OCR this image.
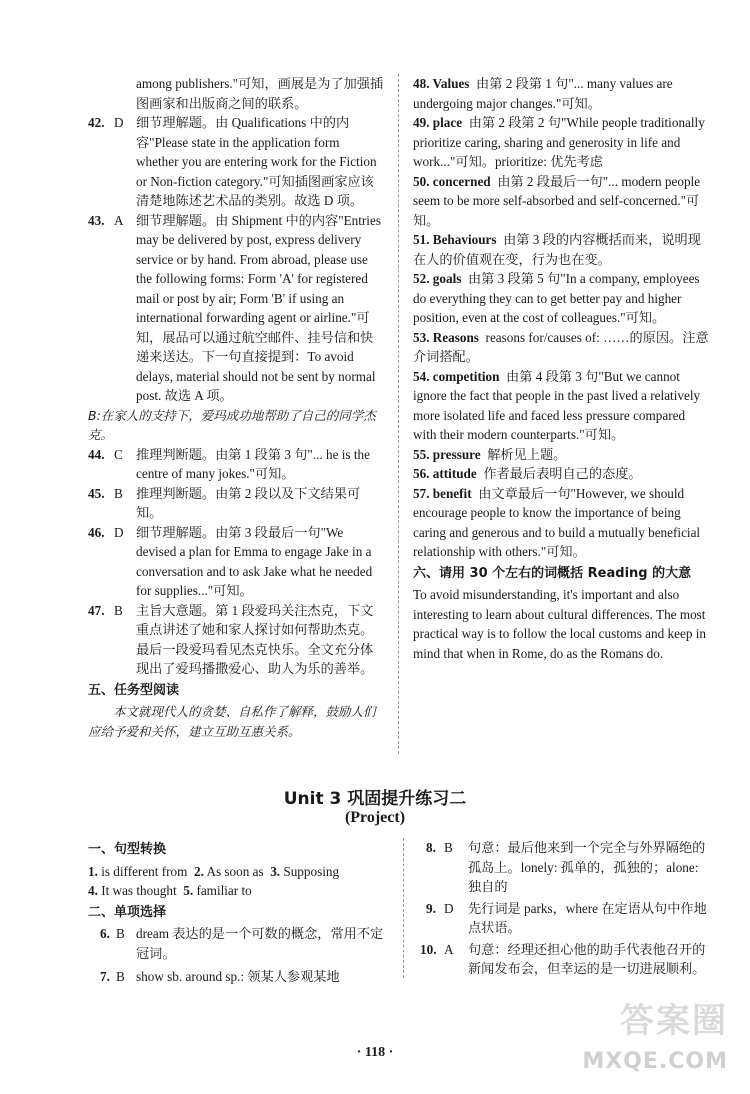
among publishers."可知，画展是为了加强插图画家和出版商之间的联系。

42. D 细节理解题。由 Qualifications 中的内容"Please state in the application form whether you are entering work for the Fiction or Non-fiction category."可知插图画家应该清楚地陈述艺术品的类别。故选 D 项。
43. A 细节理解题。由 Shipment 中的内容"Entries may be delivered by post, express delivery service or by hand. From abroad, please use the following forms: Form 'A' for registered mail or post by air; Form 'B' if using an international forwarding agent or airline."可知，展品可以通过航空邮件、挂号信和快递来送达。下一句直接提到：To avoid delays, material should not be sent by normal post. 故选 A 项。

B:在家人的支持下，爱玛成功地帮助了自己的同学杰克。

44. C 推理判断题。由第 1 段第 3 句"... he is the centre of many jokes."可知。
45. B 推理判断题。由第 2 段以及下文结果可知。
46. D 细节理解题。由第 3 段最后一句"We devised a plan for Emma to engage Jake in a conversation and to ask Jake what he needed for supplies..."可知。
47. B 主旨大意题。第 1 段爱玛关注杰克，下文重点讲述了她和家人探讨如何帮助杰克。最后一段爱玛看见杰克快乐。全文充分体现出了爱玛播撒爱心、助人为乐的善举。

五、任务型阅读

本文就现代人的贪婪、自私作了解释，鼓励人们应给予爱和关怀，建立互助互惠关系。

48. Values 由第 2 段第 1 句"... many values are undergoing major changes."可知。
49. place 由第 2 段第 2 句"While people traditionally prioritize caring, sharing and generosity in life and work..."可知。prioritize: 优先考虑
50. concerned 由第 2 段最后一句"... modern people seem to be more self-absorbed and self-concerned."可知。
51. Behaviours 由第 3 段的内容概括而来，说明现在人的价值观在变，行为也在变。
52. goals 由第 3 段第 5 句"In a company, employees do everything they can to get better pay and higher position, even at the cost of colleagues."可知。
53. Reasons reasons for/causes of: ……的原因。注意介词搭配。
54. competition 由第 4 段第 3 句"But we cannot ignore the fact that people in the past lived a relatively more isolated life and faced less pressure compared with their modern counterparts."可知。
55. pressure 解析见上题。
56. attitude 作者最后表明自己的态度。
57. benefit 由文章最后一句"However, we should encourage people to know the importance of being caring and generous and to build a mutually beneficial relationship with others."可知。

六、请用 30 个左右的词概括 Reading 的大意

To avoid misunderstanding, it's important and also interesting to learn about cultural differences. The most practical way is to follow the local customs and keep in mind that when in Rome, do as the Romans do.

Unit 3 巩固提升练习二
(Project)

一、句型转换

1. is different from 2. As soon as 3. Supposing

4. It was thought 5. familiar to

二、单项选择

6. B dream 表达的是一个可数的概念，常用不定冠词。
7. B show sb. around sp.: 领某人参观某地
8. B 句意：最后他来到一个完全与外界隔绝的孤岛上。lonely: 孤单的，孤独的；alone: 独自的
9. D 先行词是 parks，where 在定语从句中作地点状语。
10. A 句意：经理还担心他的助手代表他召开的新闻发布会，但幸运的是一切进展顺利。
· 118 ·
答案圈
MXQE.COM
